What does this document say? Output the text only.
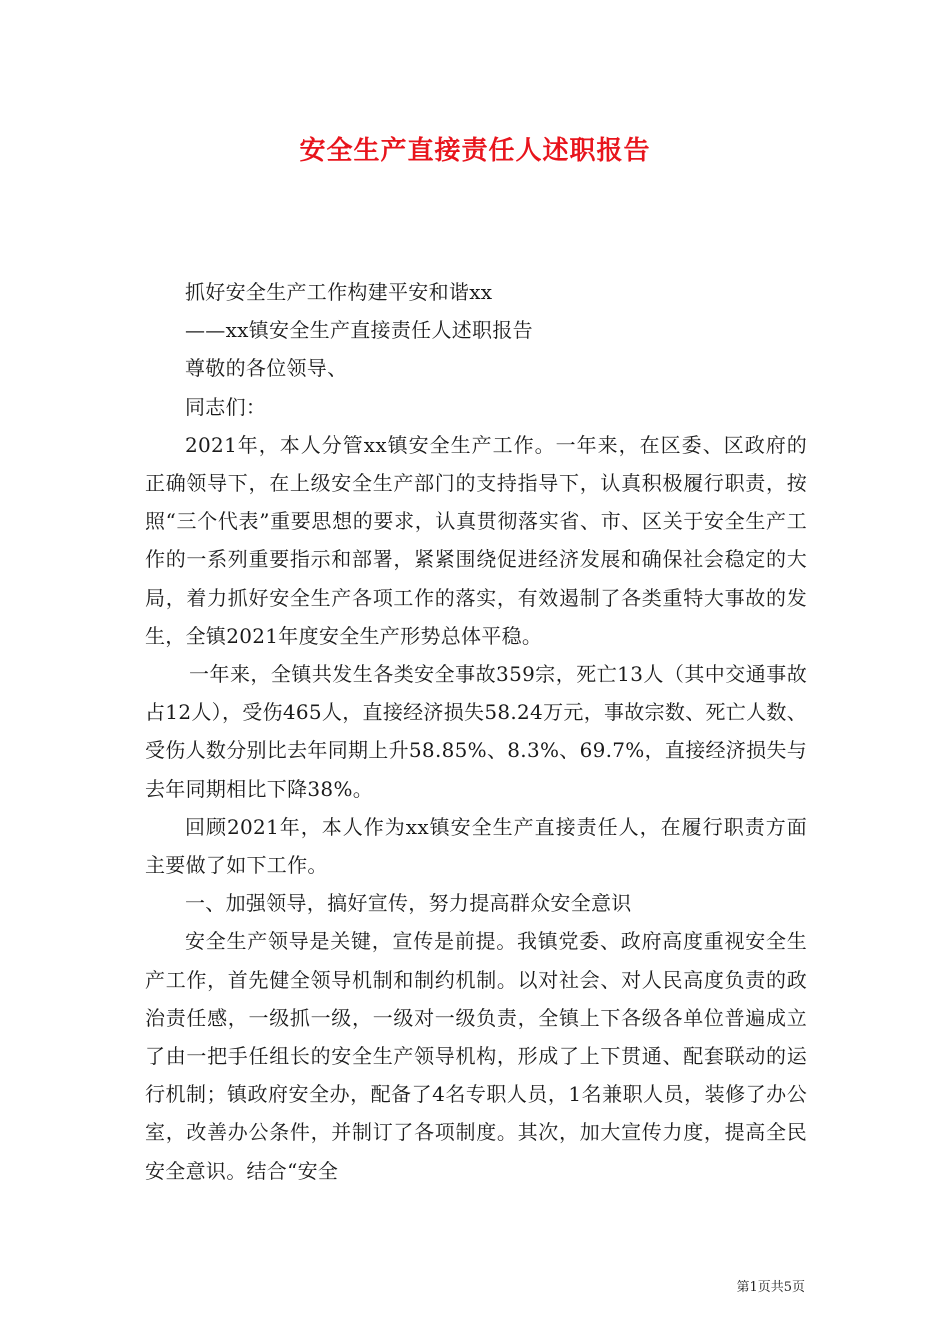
安全生产直接责任人述职报告

抓好安全生产工作构建平安和谐xx

——xx镇安全生产直接责任人述职报告

尊敬的各位领导、

同志们：

2021年，本人分管xx镇安全生产工作。一年来，在区委、区政府的正确领导下，在上级安全生产部门的支持指导下，认真积极履行职责，按照“三个代表”重要思想的要求，认真贯彻落实省、市、区关于安全生产工作的一系列重要指示和部署，紧紧围绕促进经济发展和确保社会稳定的大局，着力抓好安全生产各项工作的落实，有效遏制了各类重特大事故的发生，全镇2021年度安全生产形势总体平稳。

一年来，全镇共发生各类安全事故359宗，死亡13人（其中交通事故占12人），受伤465人，直接经济损失58.24万元，事故宗数、死亡人数、受伤人数分别比去年同期上升58.85%、8.3%、69.7%，直接经济损失与去年同期相比下降38%。

回顾2021年，本人作为xx镇安全生产直接责任人，在履行职责方面主要做了如下工作。

一、加强领导，搞好宣传，努力提高群众安全意识

安全生产领导是关键，宣传是前提。我镇党委、政府高度重视安全生产工作，首先健全领导机制和制约机制。以对社会、对人民高度负责的政治责任感，一级抓一级，一级对一级负责，全镇上下各级各单位普遍成立了由一把手任组长的安全生产领导机构，形成了上下贯通、配套联动的运行机制；镇政府安全办，配备了4名专职人员，1名兼职人员，装修了办公室，改善办公条件，并制订了各项制度。其次，加大宣传力度，提高全民安全意识。结合“安全

第1页共5页
